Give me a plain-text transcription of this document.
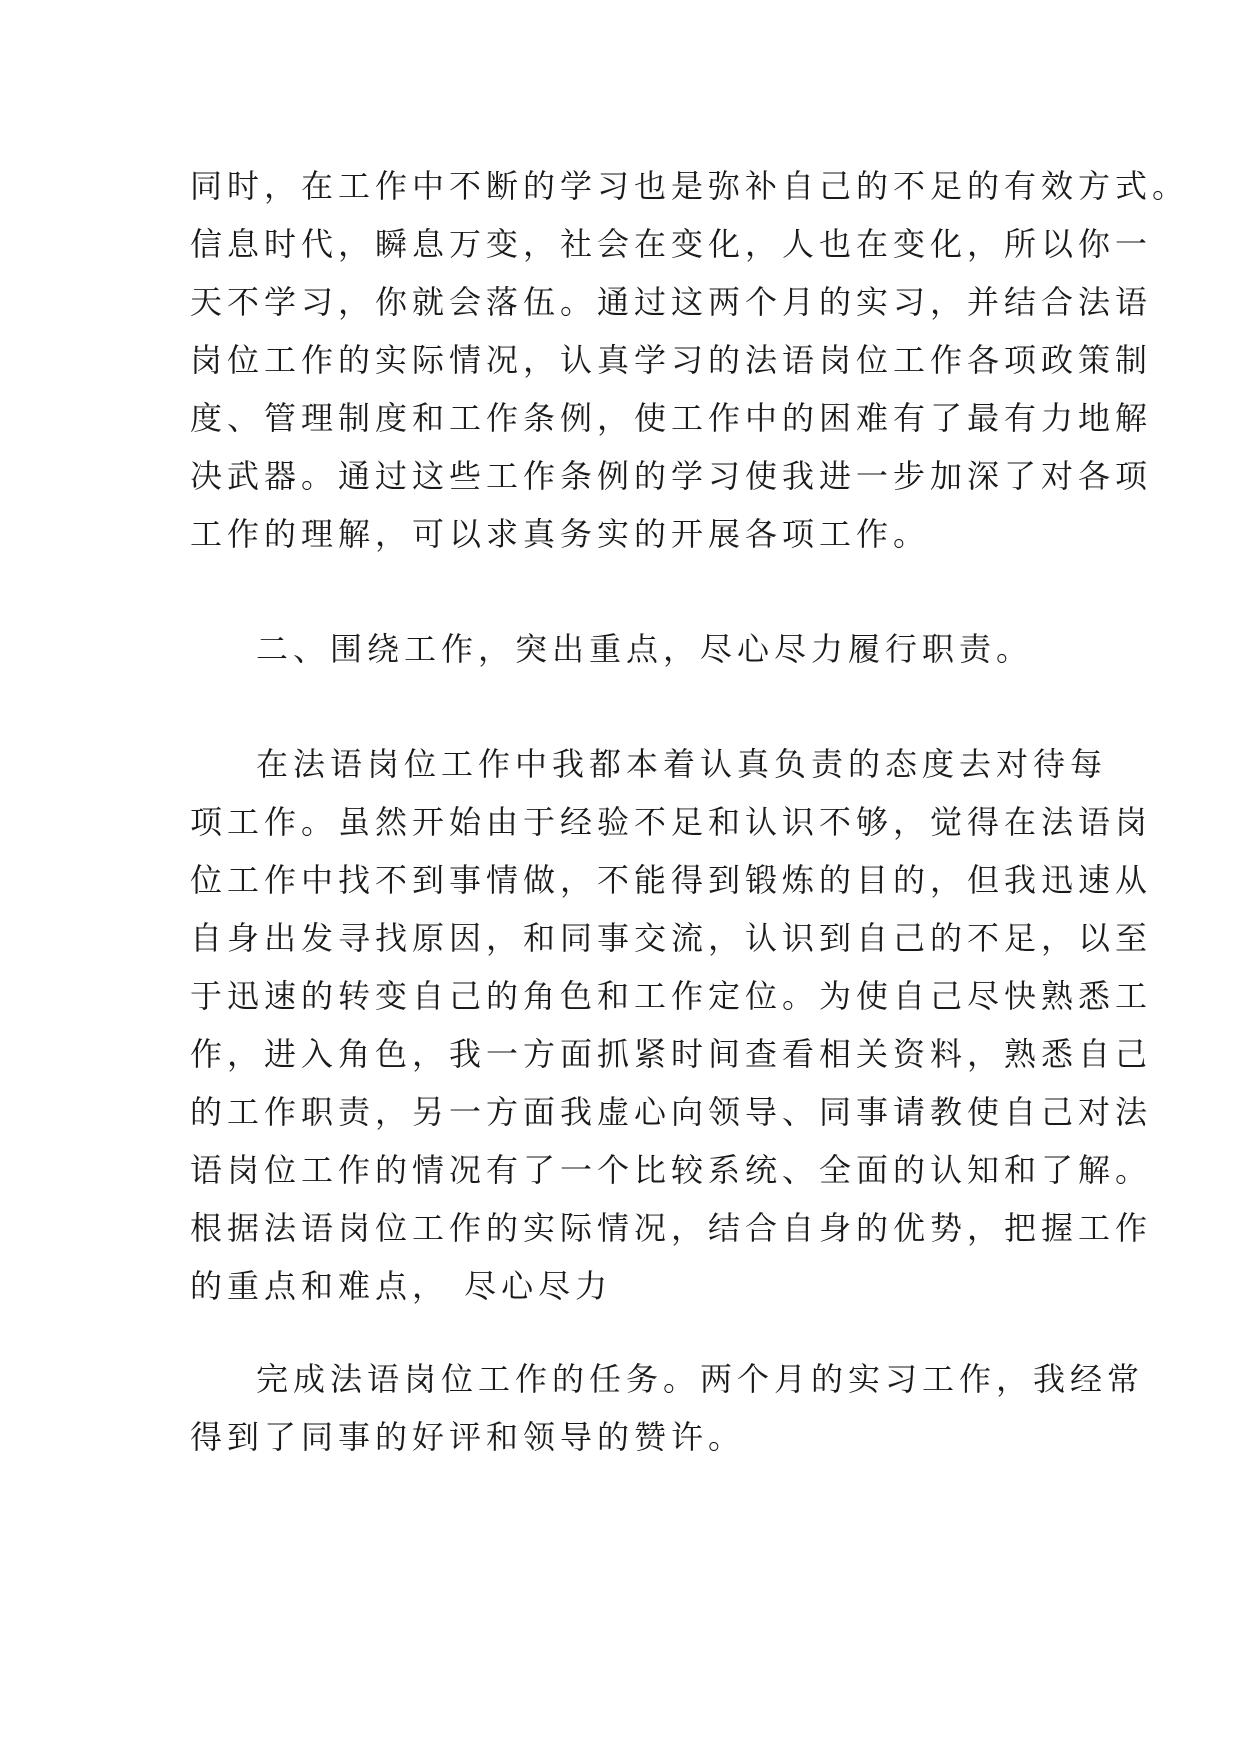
同时，在工作中不断的学习也是弥补自己的不足的有效方式。
信息时代，瞬息万变，社会在变化，人也在变化，所以你一
天不学习，你就会落伍。通过这两个月的实习，并结合法语
岗位工作的实际情况，认真学习的法语岗位工作各项政策制
度、管理制度和工作条例，使工作中的困难有了最有力地解
决武器。通过这些工作条例的学习使我进一步加深了对各项
工作的理解，可以求真务实的开展各项工作。
二、围绕工作，突出重点，尽心尽力履行职责。
在法语岗位工作中我都本着认真负责的态度去对待每
项工作。虽然开始由于经验不足和认识不够，觉得在法语岗
位工作中找不到事情做，不能得到锻炼的目的，但我迅速从
自身出发寻找原因，和同事交流，认识到自己的不足，以至
于迅速的转变自己的角色和工作定位。为使自己尽快熟悉工
作，进入角色，我一方面抓紧时间查看相关资料，熟悉自己
的工作职责，另一方面我虚心向领导、同事请教使自己对法
语岗位工作的情况有了一个比较系统、全面的认知和了解。
根据法语岗位工作的实际情况，结合自身的优势，把握工作
的重点和难点， 尽心尽力
完成法语岗位工作的任务。两个月的实习工作，我经常
得到了同事的好评和领导的赞许。
